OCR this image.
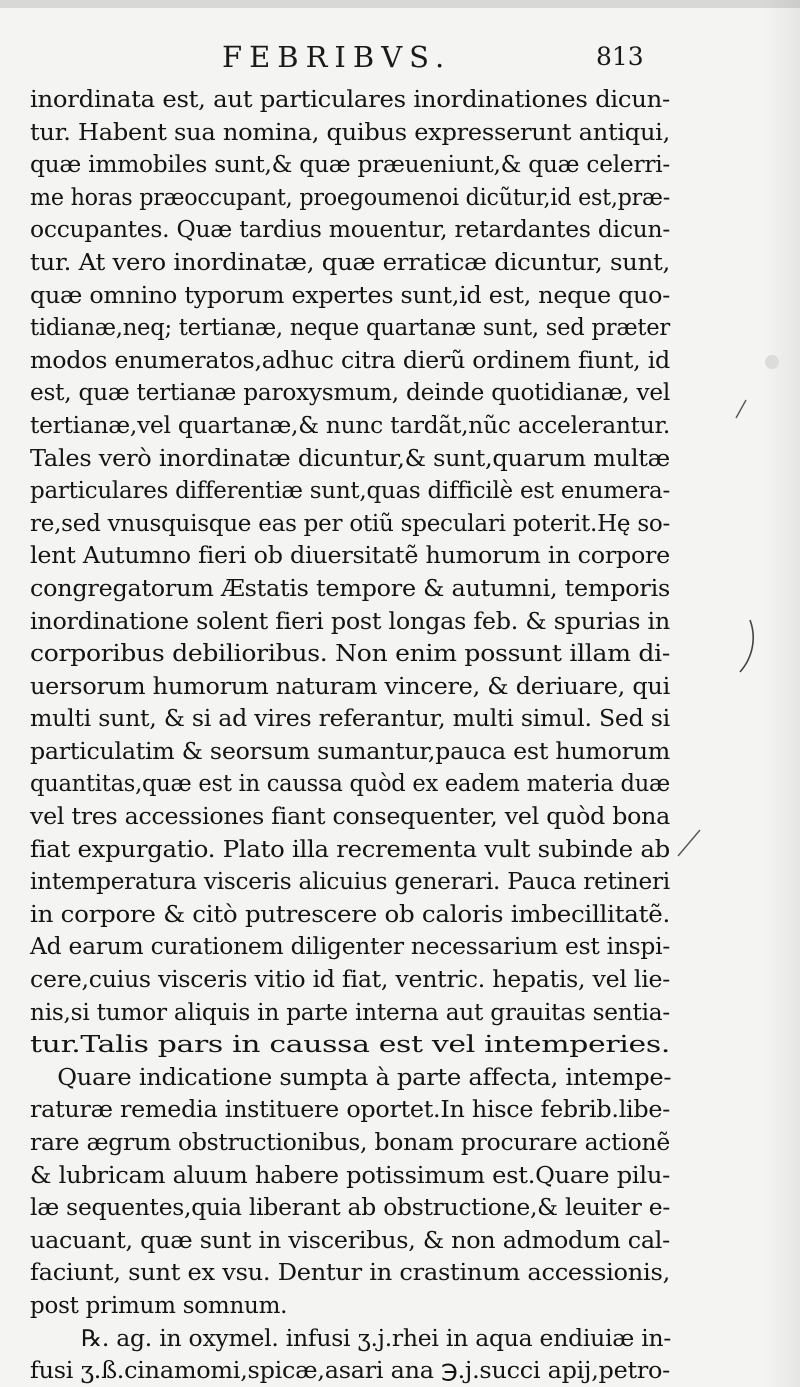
FEBRIBVS.	813
inordinata est, aut particulares inordinationes dicun-
tur. Habent sua nomina, quibus expresserunt antiqui,
quæ immobiles sunt,& quæ præueniunt,& quæ celerri-
me horas præoccupant, proegoumenoi dicũtur,id est,præ-
occupantes. Quæ tardius mouentur, retardantes dicun-
tur. At vero inordinatæ, quæ erraticæ dicuntur, sunt,
quæ omnino typorum expertes sunt,id est, neque quo-
tidianæ,neq; tertianæ, neque quartanæ sunt, sed præter
modos enumeratos,adhuc citra dierũ ordinem fiunt, id
est, quæ tertianæ paroxysmum, deinde quotidianæ, vel
tertianæ,vel quartanæ,& nunc tardãt,nũc accelerantur.
Tales verò inordinatæ dicuntur,& sunt,quarum multæ
particulares differentiæ sunt,quas difficilè est enumera-
re,sed vnusquisque eas per otiũ speculari poterit.Hę so-
lent Autumno fieri ob diuersitatẽ humorum in corpore
congregatorum Æstatis tempore & autumni, temporis
inordinatione solent fieri post longas feb. & spurias in
corporibus debilioribus. Non enim possunt illam di-
uersorum humorum naturam vincere, & deriuare, qui
multi sunt, & si ad vires referantur, multi simul. Sed si
particulatim & seorsum sumantur,pauca est humorum
quantitas,quæ est in caussa quòd ex eadem materia duæ
vel tres accessiones fiant consequenter, vel quòd bona
fiat expurgatio. Plato illa recrementa vult subinde ab
intemperatura visceris alicuius generari. Pauca retineri
in corpore & citò putrescere ob caloris imbecillitatẽ.
Ad earum curationem diligenter necessarium est inspi-
cere,cuius visceris vitio id fiat, ventric. hepatis, vel lie-
nis,si tumor aliquis in parte interna aut grauitas sentia-
tur.Talis pars in caussa est vel intemperies.
Quare indicatione sumpta à parte affecta, intempe-
raturæ remedia instituere oportet.In hisce febrib.libe-
rare ægrum obstructionibus, bonam procurare actionẽ
& lubricam aluum habere potissimum est.Quare pilu-
læ sequentes,quia liberant ab obstructione,& leuiter e-
uacuant, quæ sunt in visceribus, & non admodum cal-
faciunt, sunt ex vsu. Dentur in crastinum accessionis,
post primum somnum.
℞. ag. in oxymel. infusi ʒ.j.rhei in aqua endiuiæ in-
fusi ʒ.ß.cinamomi,spicæ,asari ana ℈.j.succi apij,petro-
